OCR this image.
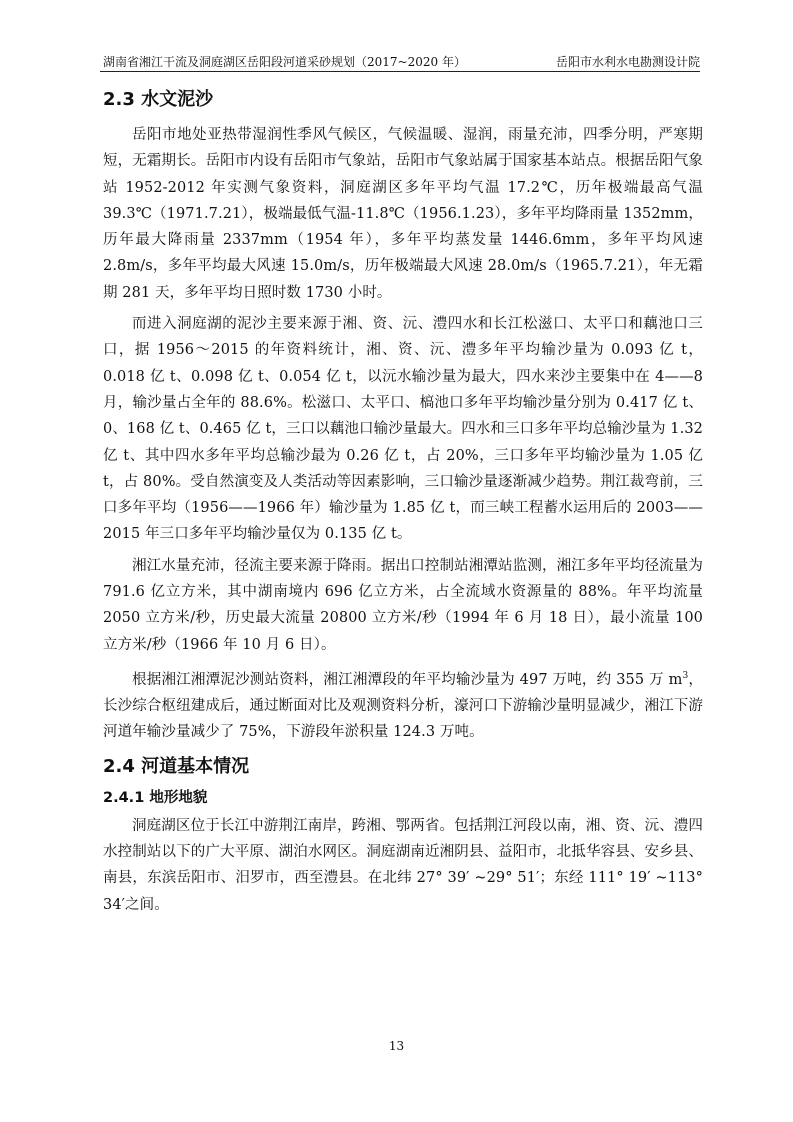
湖南省湘江干流及洞庭湖区岳阳段河道采砂规划（2017~2020 年）	岳阳市水利水电勘测设计院
2.3 水文泥沙

岳阳市地处亚热带湿润性季风气候区，气候温暖、湿润，雨量充沛，四季分明，严寒期短，无霜期长。岳阳市内设有岳阳市气象站，岳阳市气象站属于国家基本站点。根据岳阳气象站 1952-2012 年实测气象资料，洞庭湖区多年平均气温 17.2℃，历年极端最高气温 39.3℃（1971.7.21），极端最低气温-11.8℃（1956.1.23），多年平均降雨量 1352mm，历年最大降雨量 2337mm（1954 年），多年平均蒸发量 1446.6mm，多年平均风速 2.8m/s，多年平均最大风速 15.0m/s，历年极端最大风速 28.0m/s（1965.7.21），年无霜期 281 天，多年平均日照时数 1730 小时。

而进入洞庭湖的泥沙主要来源于湘、资、沅、澧四水和长江松滋口、太平口和藕池口三口，据 1956～2015 的年资料统计，湘、资、沅、澧多年平均输沙量为 0.093 亿 t， 0.018 亿 t、0.098 亿 t、0.054 亿 t，以沅水输沙量为最大，四水来沙主要集中在 4——8 月，输沙量占全年的 88.6%。松滋口、太平口、槁池口多年平均输沙量分别为 0.417 亿 t、0、168 亿 t、0.465 亿 t，三口以藕池口输沙量最大。四水和三口多年平均总输沙量为 1.32 亿 t、其中四水多年平均总输沙最为 0.26 亿 t，占 20%，三口多年平均输沙量为 1.05 亿 t，占 80%。受自然演变及人类活动等因素影响，三口输沙量逐渐减少趋势。荆江裁弯前，三口多年平均（1956——1966 年）输沙量为 1.85 亿 t，而三峡工程蓄水运用后的 2003——2015 年三口多年平均输沙量仅为 0.135 亿 t。

湘江水量充沛，径流主要来源于降雨。据出口控制站湘潭站监测，湘江多年平均径流量为 791.6 亿立方米，其中湖南境内 696 亿立方米，占全流域水资源量的 88%。年平均流量 2050 立方米/秒，历史最大流量 20800 立方米/秒（1994 年 6 月 18 日），最小流量 100 立方米/秒（1966 年 10 月 6 日）。

根据湘江湘潭泥沙测站资料，湘江湘潭段的年平均输沙量为 497 万吨，约 355 万 $m^3$，长沙综合枢纽建成后，通过断面对比及观测资料分析，濠河口下游输沙量明显减少，湘江下游河道年输沙量减少了 75%，下游段年淤积量 124.3 万吨。

2.4 河道基本情况
2.4.1 地形地貌

洞庭湖区位于长江中游荆江南岸，跨湘、鄂两省。包括荆江河段以南，湘、资、沅、澧四水控制站以下的广大平原、湖泊水网区。洞庭湖南近湘阴县、益阳市，北抵华容县、安乡县、南县，东滨岳阳市、汨罗市，西至澧县。在北纬 27° 39′ ~29° 51′；东经 111° 19′ ~113° 34′之间。

13
